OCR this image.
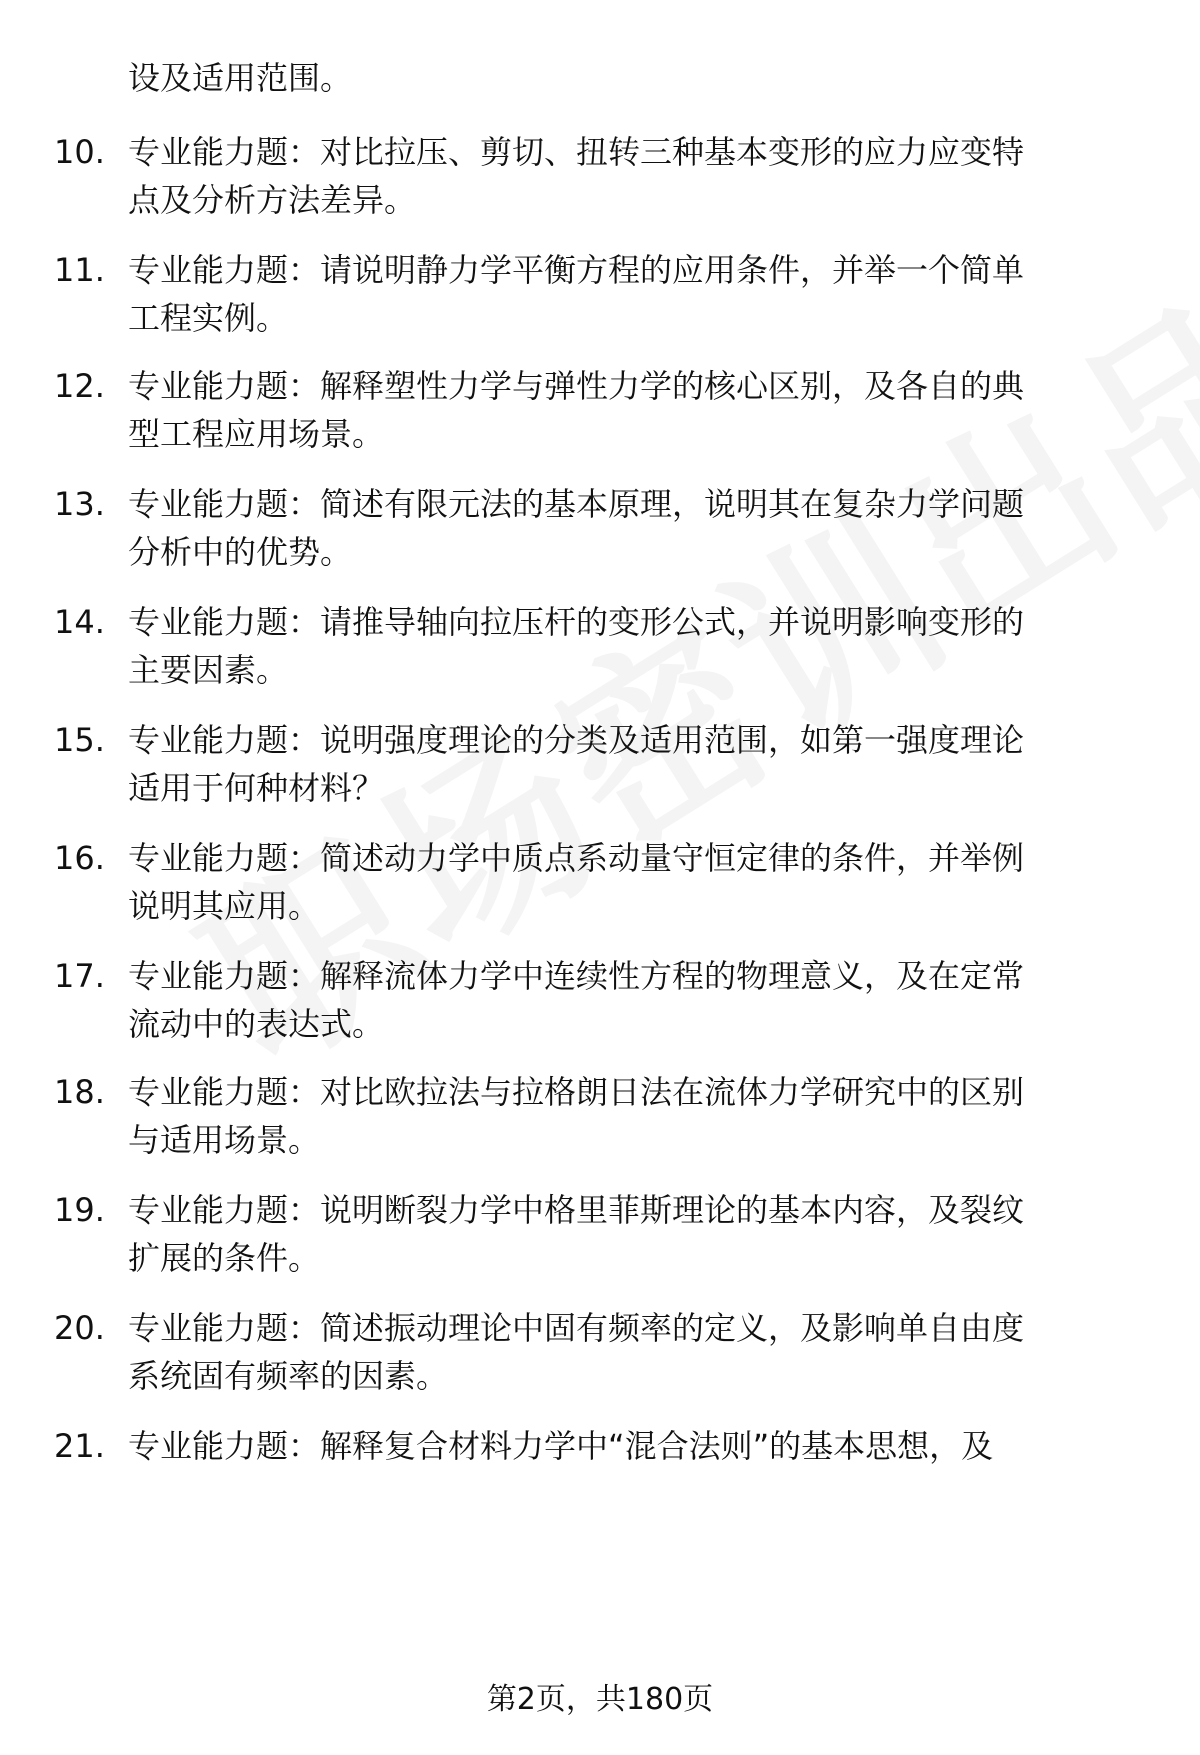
设及适用范围。
10. 专业能力题：对比拉压、剪切、扭转三种基本变形的应力应变特
点及分析方法差异。
11. 专业能力题：请说明静力学平衡方程的应用条件，并举一个简单
工程实例。
12. 专业能力题：解释塑性力学与弹性力学的核心区别，及各自的典
型工程应用场景。
13. 专业能力题：简述有限元法的基本原理，说明其在复杂力学问题
分析中的优势。
14. 专业能力题：请推导轴向拉压杆的变形公式，并说明影响变形的
主要因素。
15. 专业能力题：说明强度理论的分类及适用范围，如第一强度理论
适用于何种材料？
16. 专业能力题：简述动力学中质点系动量守恒定律的条件，并举例
说明其应用。
17. 专业能力题：解释流体力学中连续性方程的物理意义，及在定常
流动中的表达式。
18. 专业能力题：对比欧拉法与拉格朗日法在流体力学研究中的区别
与适用场景。
19. 专业能力题：说明断裂力学中格里菲斯理论的基本内容，及裂纹
扩展的条件。
20. 专业能力题：简述振动理论中固有频率的定义，及影响单自由度
系统固有频率的因素。
21. 专业能力题：解释复合材料力学中“混合法则”的基本思想，及
第2页，共180页
